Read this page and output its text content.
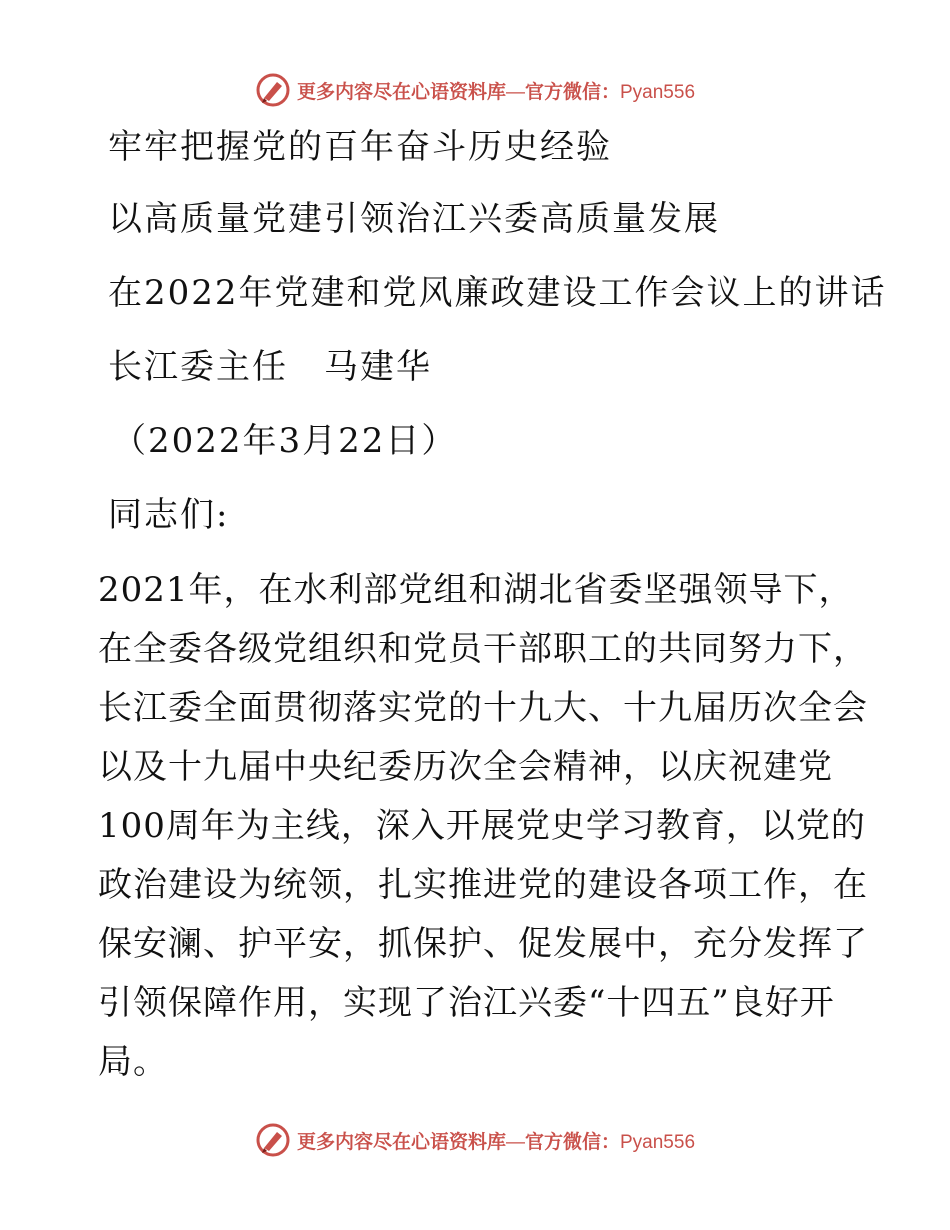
更多内容尽在心语资料库 — 官方微信： Pyan556
牢牢把握党的百年奋斗历史经验
以高质量党建引领治江兴委高质量发展
在2022年党建和党风廉政建设工作会议上的讲话
长江委主任　马建华
（2022年3月22日）
同志们:
2021年，在水利部党组和湖北省委坚强领导下，
在全委各级党组织和党员干部职工的共同努力下，
长江委全面贯彻落实党的十九大、十九届历次全会
以及十九届中央纪委历次全会精神，以庆祝建党
100周年为主线，深入开展党史学习教育，以党的
政治建设为统领，扎实推进党的建设各项工作，在
保安澜、护平安，抓保护、促发展中，充分发挥了
引领保障作用，实现了治江兴委“十四五”良好开
局。
更多内容尽在心语资料库 — 官方微信： Pyan556
